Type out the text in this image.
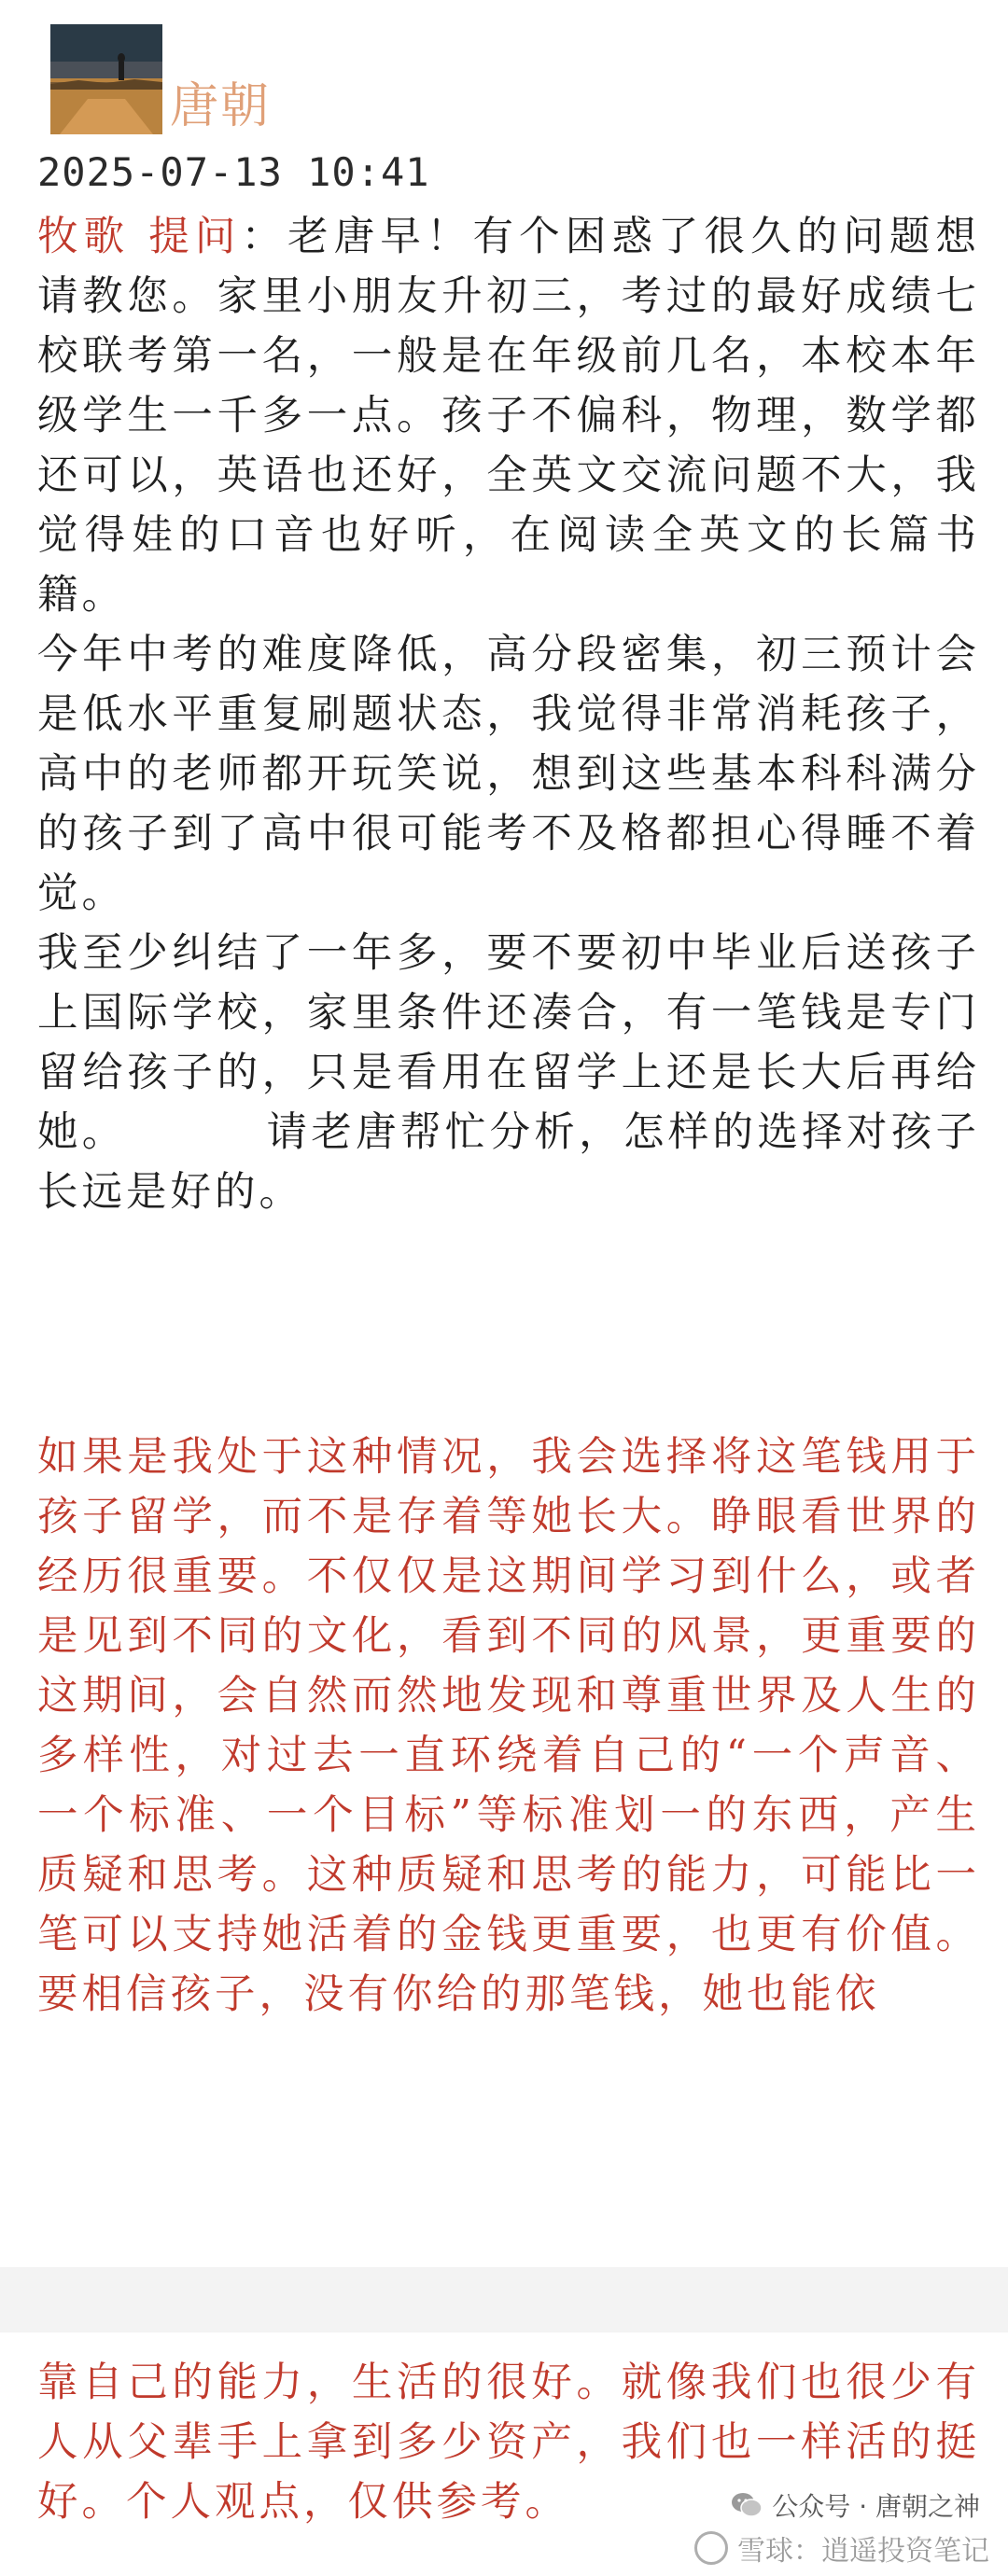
唐朝
2025-07-13 10:41

牧歌 提问：老唐早！有个困惑了很久的问题想请教您。家里小朋友升初三，考过的最好成绩七校联考第一名，一般是在年级前几名，本校本年级学生一千多一点。孩子不偏科，物理，数学都还可以，英语也还好，全英文交流问题不大，我觉得娃的口音也好听，在阅读全英文的长篇书籍。

今年中考的难度降低，高分段密集，初三预计会是低水平重复刷题状态，我觉得非常消耗孩子，高中的老师都开玩笑说，想到这些基本科科满分的孩子到了高中很可能考不及格都担心得睡不着觉。

我至少纠结了一年多，要不要初中毕业后送孩子上国际学校，家里条件还凑合，有一笔钱是专门留给孩子的，只是看用在留学上还是长大后再给她。	请老唐帮忙分析，怎样的选择对孩子长远是好的。

如果是我处于这种情况，我会选择将这笔钱用于孩子留学，而不是存着等她长大。睁眼看世界的经历很重要。不仅仅是这期间学习到什么，或者是见到不同的文化，看到不同的风景，更重要的这期间，会自然而然地发现和尊重世界及人生的多样性，对过去一直环绕着自己的“一个声音、一个标准、一个目标”等标准划一的东西，产生质疑和思考。这种质疑和思考的能力，可能比一笔可以支持她活着的金钱更重要，也更有价值。要相信孩子，没有你给的那笔钱，她也能依

靠自己的能力，生活的很好。就像我们也很少有人从父辈手上拿到多少资产，我们也一样活的挺好。个人观点，仅供参考。	公众号 · 唐朝之神
雪球：逍遥投资笔记
